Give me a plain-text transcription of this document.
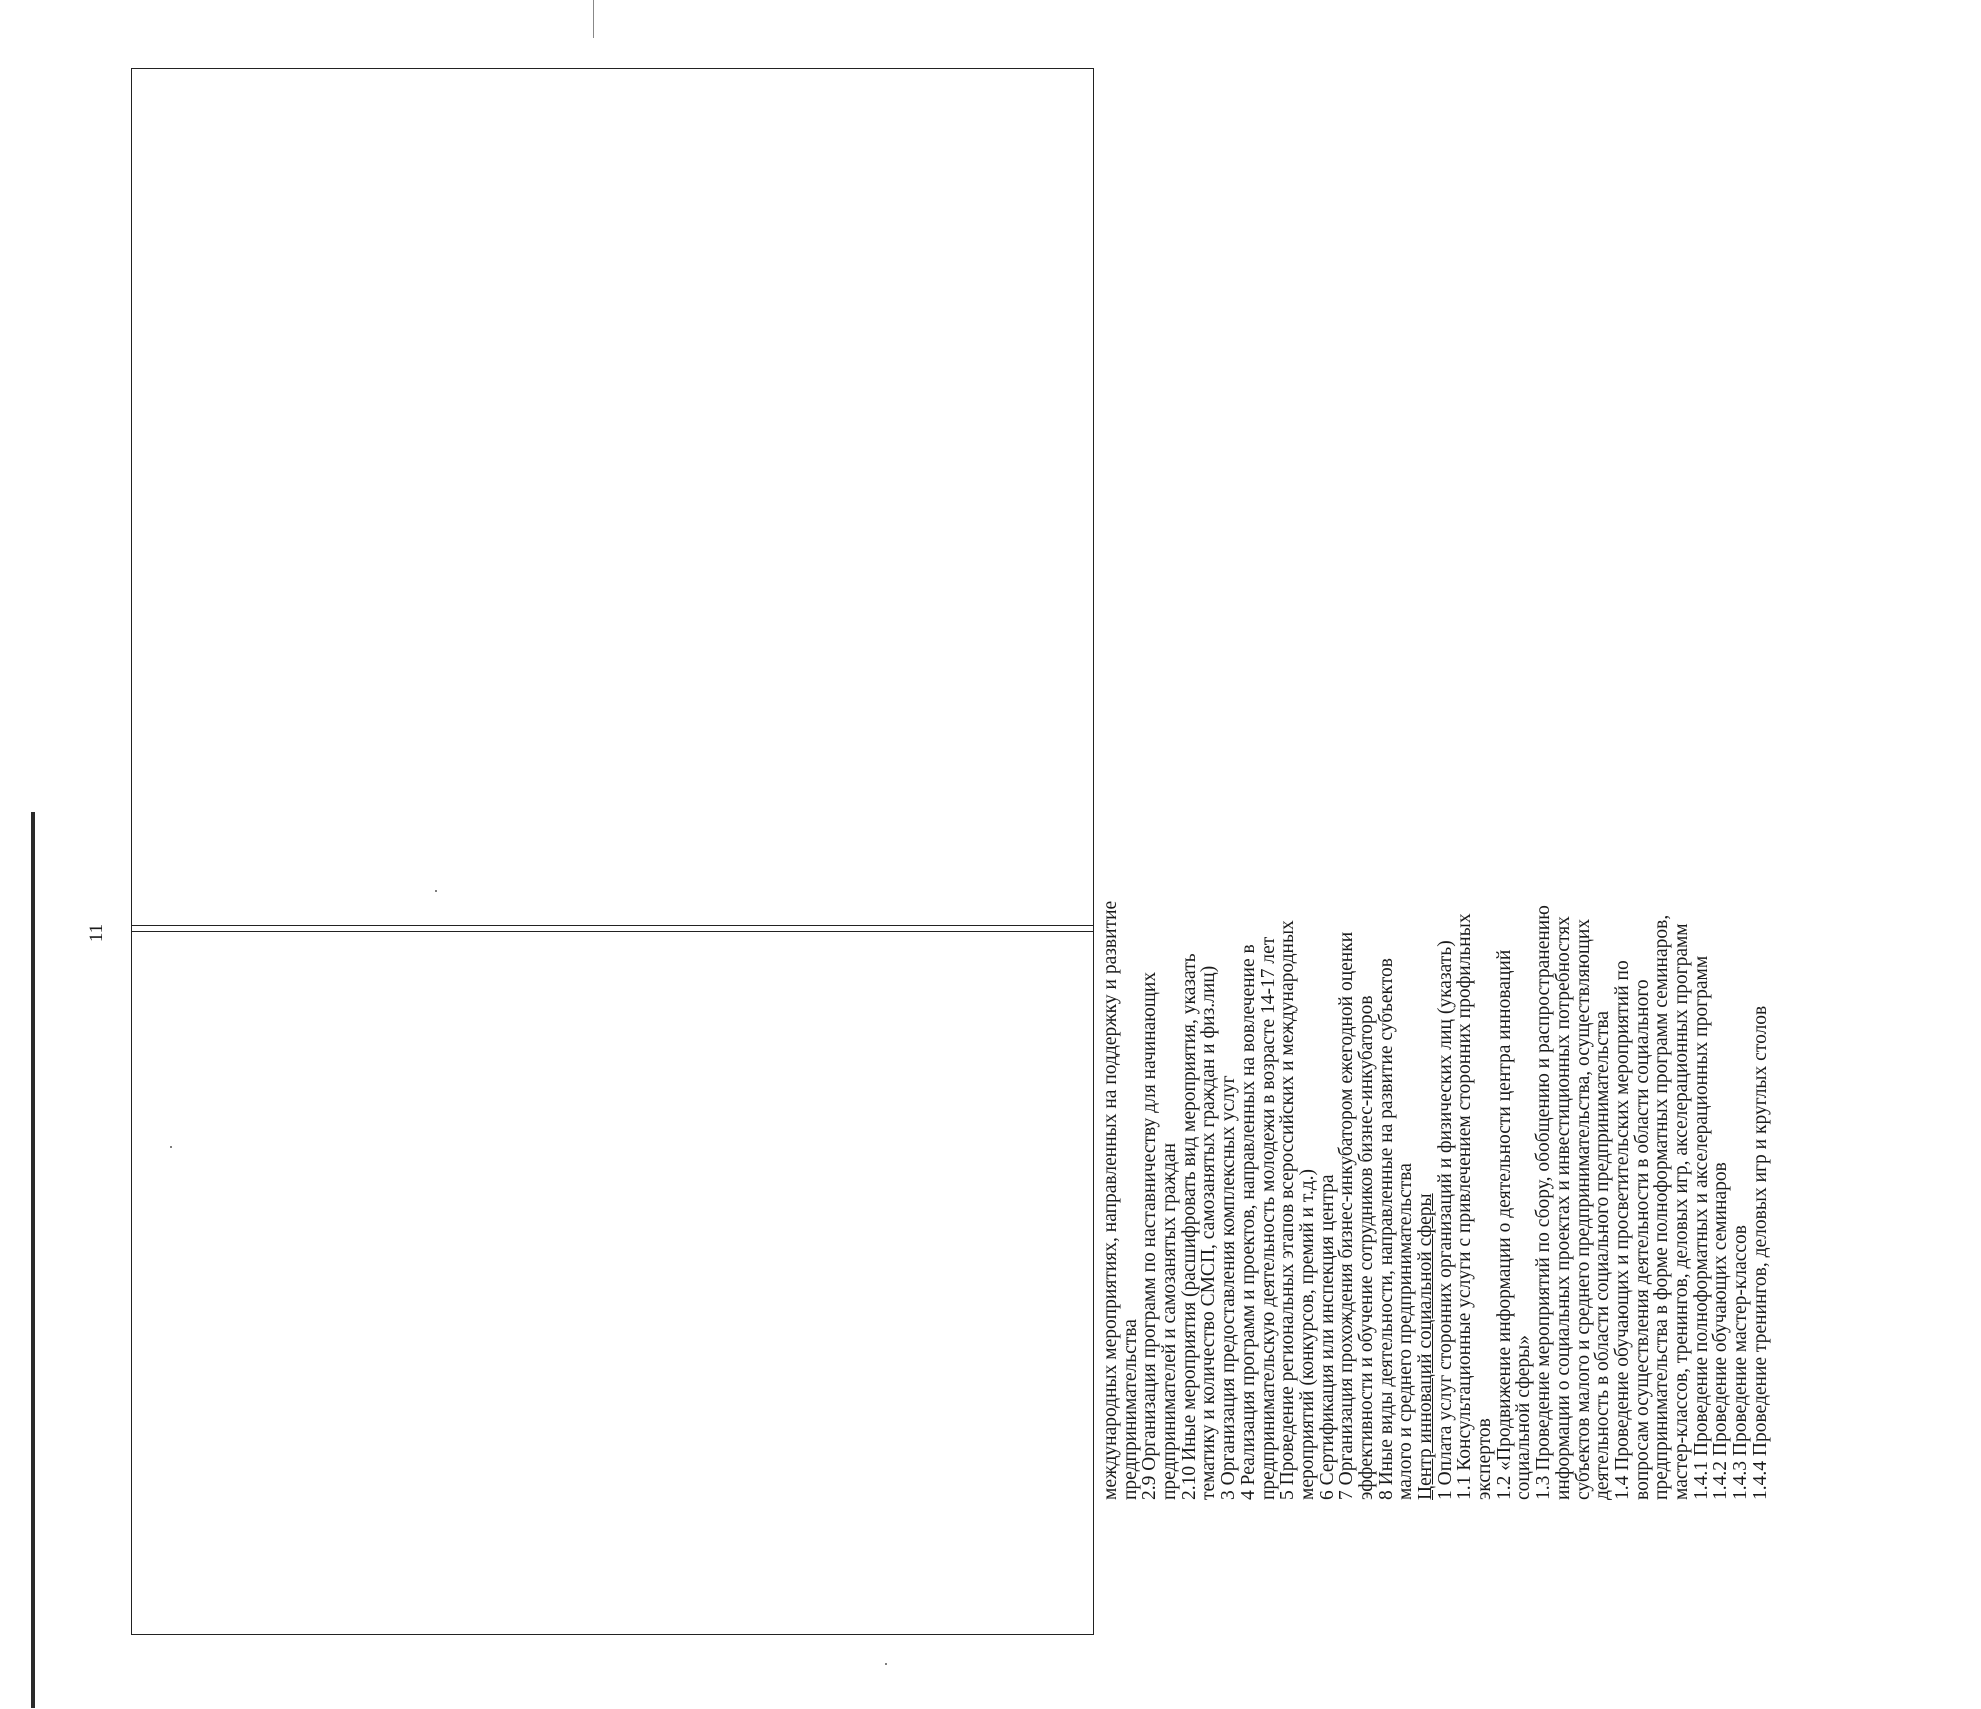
11	международных мероприятиях, направленных на поддержку и развитие
предпринимательства
2.9 Организация программ по наставничеству для начинающих
предпринимателей и самозанятых граждан
2.10 Иные мероприятия (расшифровать вид мероприятия, указать
тематику и количество СМСП, самозанятых граждан и физ.лиц)
3 Организация предоставления комплексных услуг
4 Реализация программ и проектов, направленных на вовлечение в
предпринимательскую деятельность молодежи в возрасте 14-17 лет
5 Проведение региональных этапов всероссийских и международных
мероприятий (конкурсов, премий и т.д.)
6 Сертификация или инспекция центра
7 Организация прохождения бизнес-инкубатором ежегодной оценки
эффективности и обучение сотрудников бизнес-инкубаторов
8 Иные виды деятельности, направленные на развитие субъектов
малого и среднего предпринимательства
Центр инноваций социальной сферы
1 Оплата услуг сторонних организаций и физических лиц (указать)
1.1 Консультационные услуги с привлечением сторонних профильных
экспертов
1.2 «Продвижение информации о деятельности центра инноваций
социальной сферы»
1.3 Проведение мероприятий по сбору, обобщению и распространению
информации о социальных проектах и инвестиционных потребностях
субъектов малого и среднего предпринимательства, осуществляющих
деятельность в области социального предпринимательства
1.4 Проведение обучающих и просветительских мероприятий по
вопросам осуществления деятельности в области социального
предпринимательства в форме полноформатных программ семинаров,
мастер-классов, тренингов, деловых игр, акселерационных программ
1.4.1 Проведение полноформатных и акселерационных программ
1.4.2 Проведение обучающих семинаров
1.4.3 Проведение мастер-классов
1.4.4 Проведение тренингов, деловых игр и круглых столов
